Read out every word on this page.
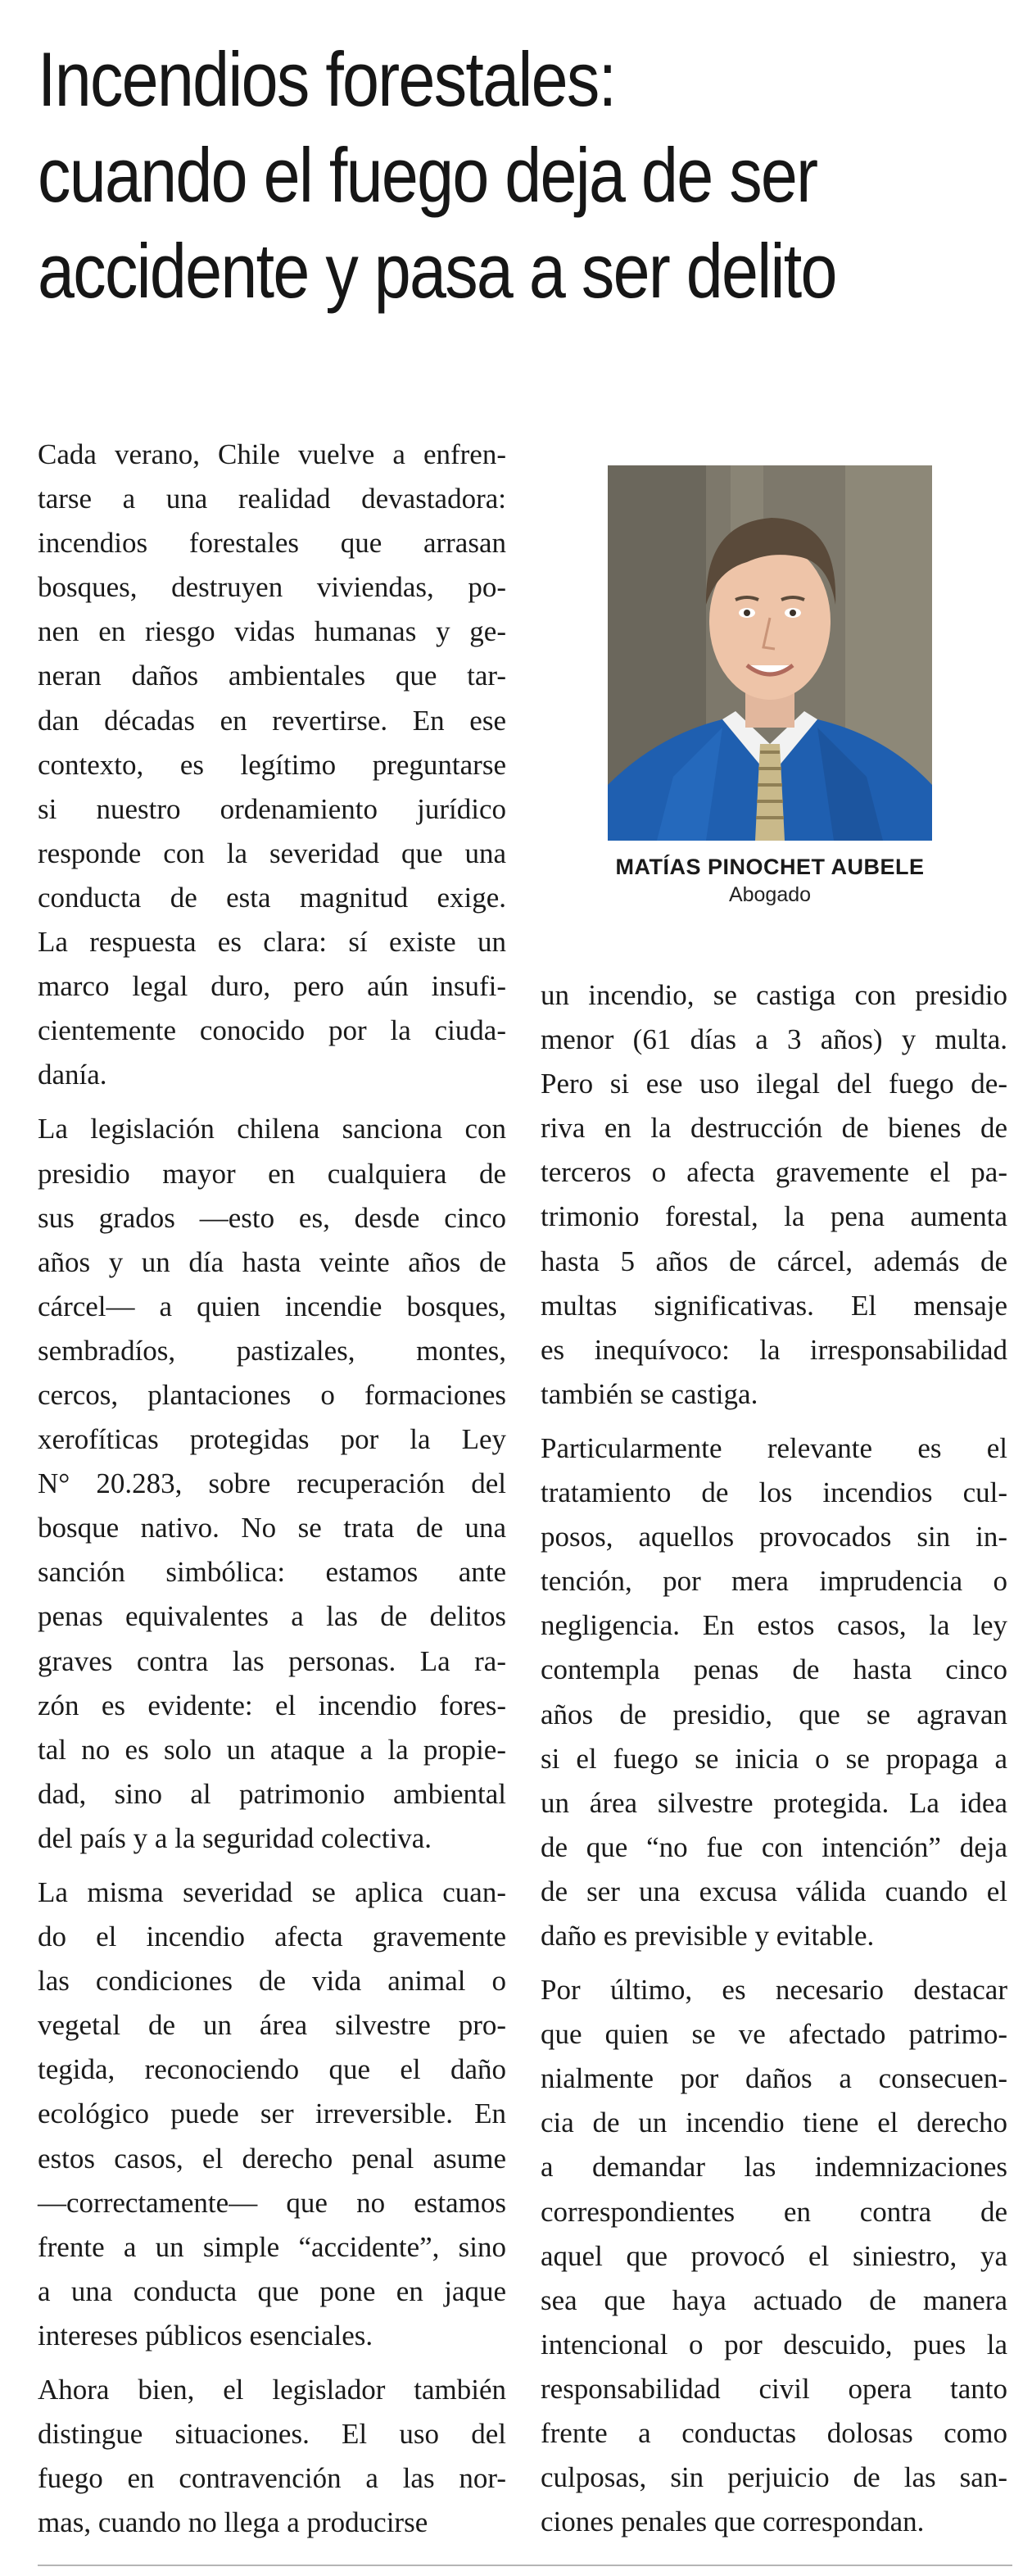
Incendios forestales:
cuando el fuego deja de ser
accidente y pasa a ser delito
MATÍAS PINOCHET AUBELE
Abogado
Cada verano, Chile vuelve a enfren-
tarse a una realidad devastadora:
incendios forestales que arrasan
bosques, destruyen viviendas, po-
nen en riesgo vidas humanas y ge-
neran daños ambientales que tar-
dan décadas en revertirse. En ese
contexto, es legítimo preguntarse
si nuestro ordenamiento jurídico
responde con la severidad que una
conducta de esta magnitud exige.
La respuesta es clara: sí existe un
marco legal duro, pero aún insufi-
cientemente conocido por la ciuda-
danía.
La legislación chilena sanciona con
presidio mayor en cualquiera de
sus grados —esto es, desde cinco
años y un día hasta veinte años de
cárcel— a quien incendie bosques,
sembradíos, pastizales, montes,
cercos, plantaciones o formaciones
xerofíticas protegidas por la Ley
N° 20.283, sobre recuperación del
bosque nativo. No se trata de una
sanción simbólica: estamos ante
penas equivalentes a las de delitos
graves contra las personas. La ra-
zón es evidente: el incendio fores-
tal no es solo un ataque a la propie-
dad, sino al patrimonio ambiental
del país y a la seguridad colectiva.
La misma severidad se aplica cuan-
do el incendio afecta gravemente
las condiciones de vida animal o
vegetal de un área silvestre pro-
tegida, reconociendo que el daño
ecológico puede ser irreversible. En
estos casos, el derecho penal asume
—correctamente— que no estamos
frente a un simple “accidente”, sino
a una conducta que pone en jaque
intereses públicos esenciales.
Ahora bien, el legislador también
distingue situaciones. El uso del
fuego en contravención a las nor-
mas, cuando no llega a producirse
un incendio, se castiga con presidio
menor (61 días a 3 años) y multa.
Pero si ese uso ilegal del fuego de-
riva en la destrucción de bienes de
terceros o afecta gravemente el pa-
trimonio forestal, la pena aumenta
hasta 5 años de cárcel, además de
multas significativas. El mensaje
es inequívoco: la irresponsabilidad
también se castiga.
Particularmente relevante es el
tratamiento de los incendios cul-
posos, aquellos provocados sin in-
tención, por mera imprudencia o
negligencia. En estos casos, la ley
contempla penas de hasta cinco
años de presidio, que se agravan
si el fuego se inicia o se propaga a
un área silvestre protegida. La idea
de que “no fue con intención” deja
de ser una excusa válida cuando el
daño es previsible y evitable.
Por último, es necesario destacar
que quien se ve afectado patrimo-
nialmente por daños a consecuen-
cia de un incendio tiene el derecho
a demandar las indemnizaciones
correspondientes en contra de
aquel que provocó el siniestro, ya
sea que haya actuado de manera
intencional o por descuido, pues la
responsabilidad civil opera tanto
frente a conductas dolosas como
culposas, sin perjuicio de las san-
ciones penales que correspondan.
